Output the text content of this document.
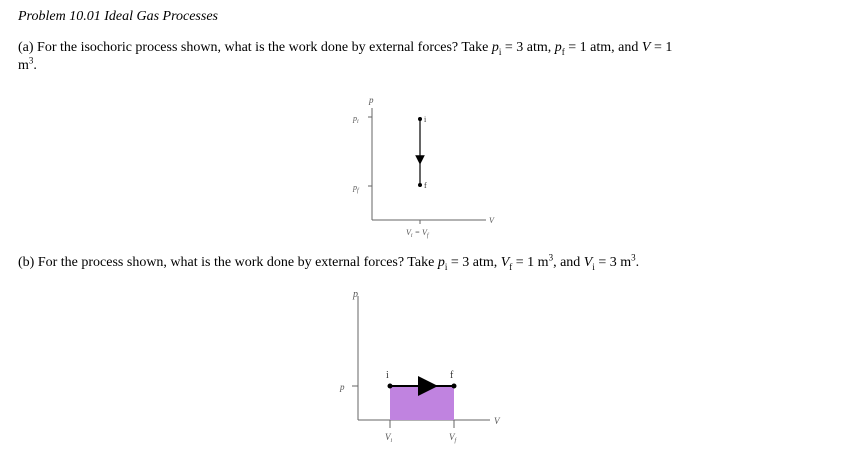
Problem 10.01 Ideal Gas Processes
(a) For the isochoric process shown, what is the work done by external forces? Take $p_i = 3$ atm, $p_f = 1$ atm, and V = 1
$m^3$.
(b) For the process shown, what is the work done by external forces? Take $p_i = 3$ atm, $V_f = 1$ $m^3$, and $V_i = 3$ $m^3$.
p
$p_i$
$p_f$
V
$V_i = V_f$
i
f
p
p
V
$V_i$	$V_f$
i	f
